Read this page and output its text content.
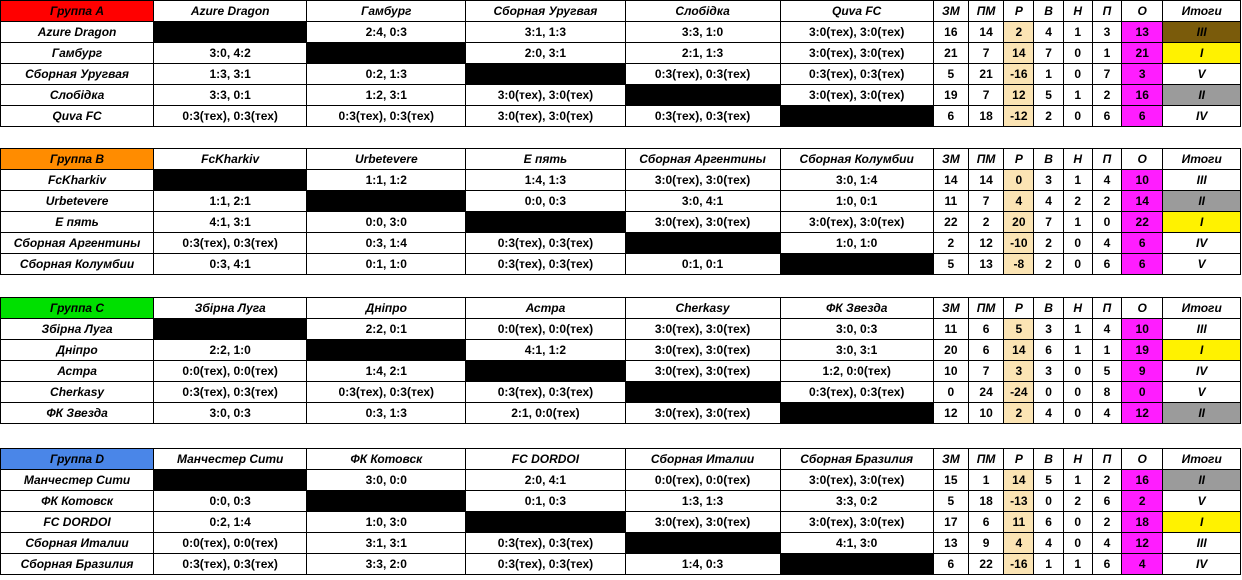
Группа А	Azure Dragon	Гамбург	Сборная Уругвая	Слобідка	Quva FC	ЗМ	ПМ	Р	В	Н	П	О	Итоги
Azure Dragon		2:4, 0:3	3:1, 1:3	3:3, 1:0	3:0(тех), 3:0(тех)	16	14	2	4	1	3	13	III
Гамбург	3:0, 4:2		2:0, 3:1	2:1, 1:3	3:0(тех), 3:0(тех)	21	7	14	7	0	1	21	I
Сборная Уругвая	1:3, 3:1	0:2, 1:3		0:3(тех), 0:3(тех)	0:3(тех), 0:3(тех)	5	21	-16	1	0	7	3	V
Слобідка	3:3, 0:1	1:2, 3:1	3:0(тех), 3:0(тех)		3:0(тех), 3:0(тех)	19	7	12	5	1	2	16	II
Quva FC	0:3(тех), 0:3(тех)	0:3(тех), 0:3(тех)	3:0(тех), 3:0(тех)	0:3(тех), 0:3(тех)		6	18	-12	2	0	6	6	IV
Группа В	FcKharkiv	Urbetevere	Е пять	Сборная Аргентины	Сборная Колумбии	ЗМ	ПМ	Р	В	Н	П	О	Итоги
FcKharkiv		1:1, 1:2	1:4, 1:3	3:0(тех), 3:0(тех)	3:0, 1:4	14	14	0	3	1	4	10	III
Urbetevere	1:1, 2:1		0:0, 0:3	3:0, 4:1	1:0, 0:1	11	7	4	4	2	2	14	II
Е пять	4:1, 3:1	0:0, 3:0		3:0(тех), 3:0(тех)	3:0(тех), 3:0(тех)	22	2	20	7	1	0	22	I
Сборная Аргентины	0:3(тех), 0:3(тех)	0:3, 1:4	0:3(тех), 0:3(тех)		1:0, 1:0	2	12	-10	2	0	4	6	IV
Сборная Колумбии	0:3, 4:1	0:1, 1:0	0:3(тех), 0:3(тех)	0:1, 0:1		5	13	-8	2	0	6	6	V
Группа С	Збірна Луга	Дніпро	Астра	Cherkasy	ФК Звезда	ЗМ	ПМ	Р	В	Н	П	О	Итоги
Збірна Луга		2:2, 0:1	0:0(тех), 0:0(тех)	3:0(тех), 3:0(тех)	3:0, 0:3	11	6	5	3	1	4	10	III
Дніпро	2:2, 1:0		4:1, 1:2	3:0(тех), 3:0(тех)	3:0, 3:1	20	6	14	6	1	1	19	I
Астра	0:0(тех), 0:0(тех)	1:4, 2:1		3:0(тех), 3:0(тех)	1:2, 0:0(тех)	10	7	3	3	0	5	9	IV
Cherkasy	0:3(тех), 0:3(тех)	0:3(тех), 0:3(тех)	0:3(тех), 0:3(тех)		0:3(тех), 0:3(тех)	0	24	-24	0	0	8	0	V
ФК Звезда	3:0, 0:3	0:3, 1:3	2:1, 0:0(тех)	3:0(тех), 3:0(тех)		12	10	2	4	0	4	12	II
Группа D	Манчестер Сити	ФК Котовск	FC DORDOI	Сборная Италии	Сборная Бразилия	ЗМ	ПМ	Р	В	Н	П	О	Итоги
Манчестер Сити		3:0, 0:0	2:0, 4:1	0:0(тех), 0:0(тех)	3:0(тех), 3:0(тех)	15	1	14	5	1	2	16	II
ФК Котовск	0:0, 0:3		0:1, 0:3	1:3, 1:3	3:3, 0:2	5	18	-13	0	2	6	2	V
FC DORDOI	0:2, 1:4	1:0, 3:0		3:0(тех), 3:0(тех)	3:0(тех), 3:0(тех)	17	6	11	6	0	2	18	I
Сборная Италии	0:0(тех), 0:0(тех)	3:1, 3:1	0:3(тех), 0:3(тех)		4:1, 3:0	13	9	4	4	0	4	12	III
Сборная Бразилия	0:3(тех), 0:3(тех)	3:3, 2:0	0:3(тех), 0:3(тех)	1:4, 0:3		6	22	-16	1	1	6	4	IV
